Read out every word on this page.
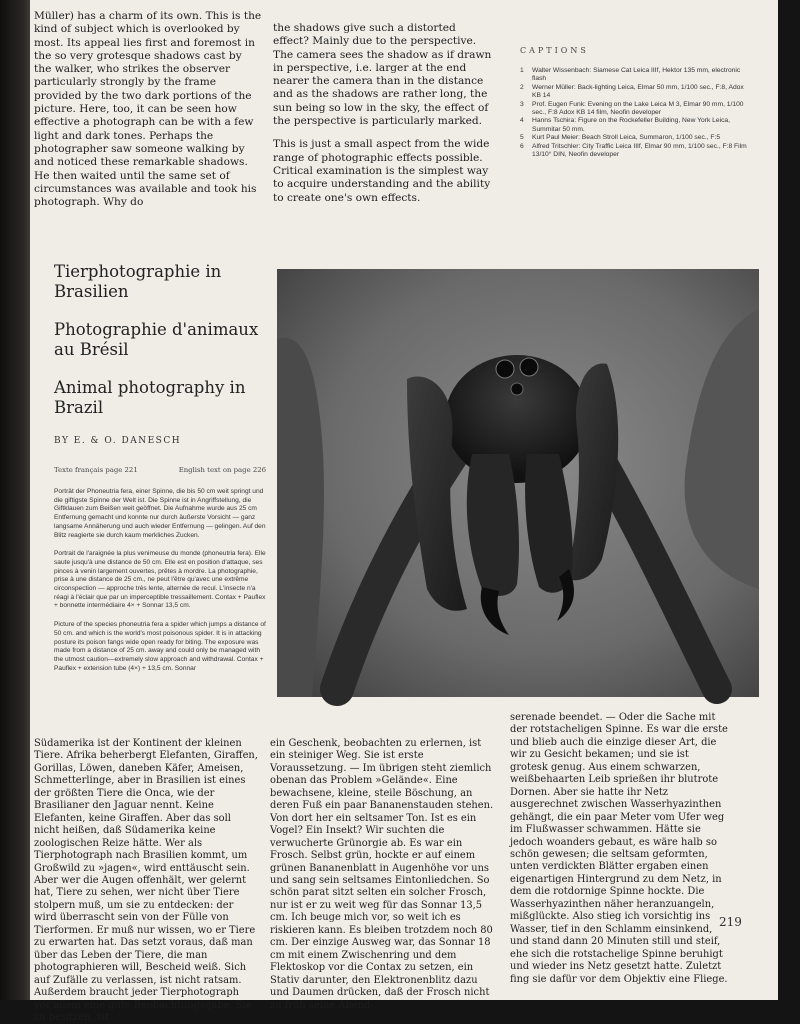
Müller) has a charm of its own. This is the kind of subject which is overlooked by most. Its appeal lies first and foremost in the so very grotesque shadows cast by the walker, who strikes the observer particularly strongly by the frame provided by the two dark portions of the picture. Here, too, it can be seen how effective a photograph can be with a few light and dark tones. Perhaps the photographer saw someone walking by and noticed these remarkable shadows. He then waited until the same set of circumstances was available and took his photograph. Why do

the shadows give such a distorted effect? Mainly due to the perspective. The camera sees the shadow as if drawn in perspective, i.e. larger at the end nearer the camera than in the distance and as the shadows are rather long, the sun being so low in the sky, the effect of the perspective is particularly marked.

This is just a small aspect from the wide range of photographic effects possible. Critical examination is the simplest way to acquire understanding and the ability to create one's own effects.

CAPTIONS
1	Walter Wissenbach: Siamese Cat Leica IIIf, Hektor 135 mm, electronic flash
2	Werner Müller: Back-lighting Leica, Elmar 50 mm, 1/100 sec., F:8, Adox KB 14
3	Prof. Eugen Funk: Evening on the Lake Leica M 3, Elmar 90 mm, 1/100 sec., F:8 Adox KB 14 film, Neofin developer
4	Hanns Tschira: Figure on the Rockefeller Building, New York Leica, Summitar 50 mm.
5	Kurt Paul Meier: Beach Stroll Leica, Summaron, 1/100 sec., F:5
6	Alfred Tritschler: City Traffic Leica IIIf, Elmar 90 mm, 1/100 sec., F:8 Film 13/10° DIN, Neofin developer
Tierphotographie in Brasilien
Photographie d'animaux au Brésil
Animal photography in Brazil
BY E. & O. DANESCH
Texte français page 221	English text on page 226

Porträt der Phoneutria fera, einer Spinne, die bis 50 cm weit springt und die giftigste Spinne der Welt ist. Die Spinne ist in Angriffstellung, die Giftklauen zum Beißen weit geöffnet. Die Aufnahme wurde aus 25 cm Entfernung gemacht und konnte nur durch äußerste Vorsicht — ganz langsame Annäherung und auch wieder Entfernung — gelingen. Auf den Blitz reagierte sie durch kaum merkliches Zucken.

Portrait de l'araignée la plus venimeuse du monde (phoneutria fera). Elle saute jusqu'à une distance de 50 cm. Elle est en position d'attaque, ses pinces à venin largement ouvertes, prêtes à mordre. La photographie, prise à une distance de 25 cm., ne peut l'être qu'avec une extrême circonspection — approche très lente, alternée de recul. L'insecte n'a réagi à l'éclair que par un imperceptible tressaillement. Contax + Pauflex + bonnette intermédiaire 4× + Sonnar 13,5 cm.

Picture of the species phoneutria fera a spider which jumps a distance of 50 cm. and which is the world's most poisonous spider. It is in attacking posture its poison fangs wide open ready for biting. The exposure was made from a distance of 25 cm. away and could only be managed with the utmost caution—extremely slow approach and withdrawal. Contax + Pauflex + extension tube (4×) + 13,5 cm. Sonnar

Südamerika ist der Kontinent der kleinen Tiere. Afrika beherbergt Elefanten, Giraffen, Gorillas, Löwen, daneben Käfer, Ameisen, Schmetterlinge, aber in Brasilien ist eines der größten Tiere die Onca, wie der Brasilianer den Jaguar nennt. Keine Elefanten, keine Giraffen. Aber das soll nicht heißen, daß Südamerika keine zoologischen Reize hätte. Wer als Tierphotograph nach Brasilien kommt, um Großwild zu »jagen«, wird enttäuscht sein. Aber wer die Augen offenhält, wer gelernt hat, Tiere zu sehen, wer nicht über Tiere stolpern muß, um sie zu entdecken: der wird überrascht sein von der Fülle von Tierformen. Er muß nur wissen, wo er Tiere zu erwarten hat. Das setzt voraus, daß man über das Leben der Tiere, die man photographieren will, Bescheid weiß. Sich auf Zufälle zu verlassen, ist nicht ratsam. Außerdem braucht jeder Tierphotograph vor allem eine gute Beobachtungsgabe. Sie zu besitzen, ist

ein Geschenk, beobachten zu erlernen, ist ein steiniger Weg. Sie ist erste Voraussetzung. — Im übrigen steht ziemlich obenan das Problem »Gelände«. Eine bewachsene, kleine, steile Böschung, an deren Fuß ein paar Bananenstauden stehen. Von dort her ein seltsamer Ton. Ist es ein Vogel? Ein Insekt? Wir suchten die verwucherte Grünorgie ab. Es war ein Frosch. Selbst grün, hockte er auf einem grünen Bananenblatt in Augenhöhe vor uns und sang sein seltsames Eintonliedchen. So schön parat sitzt selten ein solcher Frosch, nur ist er zu weit weg für das Sonnar 13,5 cm. Ich beuge mich vor, so weit ich es riskieren kann. Es bleiben trotzdem noch 80 cm. Der einzige Ausweg war, das Sonnar 18 cm mit einem Zwischenring und dem Flektoskop vor die Contax zu setzen, ein Stativ darunter, den Elektronenblitz dazu und Daumen drücken, daß der Frosch nicht zu früh seine Abend-

serenade beendet. — Oder die Sache mit der rotstacheligen Spinne. Es war die erste und blieb auch die einzige dieser Art, die wir zu Gesicht bekamen; und sie ist grotesk genug. Aus einem schwarzen, weißbehaarten Leib sprießen ihr blutrote Dornen. Aber sie hatte ihr Netz ausgerechnet zwischen Wasserhyazinthen gehängt, die ein paar Meter vom Ufer weg im Flußwasser schwammen. Hätte sie jedoch woanders gebaut, es wäre halb so schön gewesen; die seltsam geformten, unten verdickten Blätter ergaben einen eigenartigen Hintergrund zu dem Netz, in dem die rotdornige Spinne hockte. Die Wasserhyazinthen näher heranzuangeln, mißglückte. Also stieg ich vorsichtig ins Wasser, tief in den Schlamm einsinkend, und stand dann 20 Minuten still und steif, ehe sich die rotstachelige Spinne beruhigt und wieder ins Netz gesetzt hatte. Zuletzt fing sie dafür vor dem Objektiv eine Fliege.

219
